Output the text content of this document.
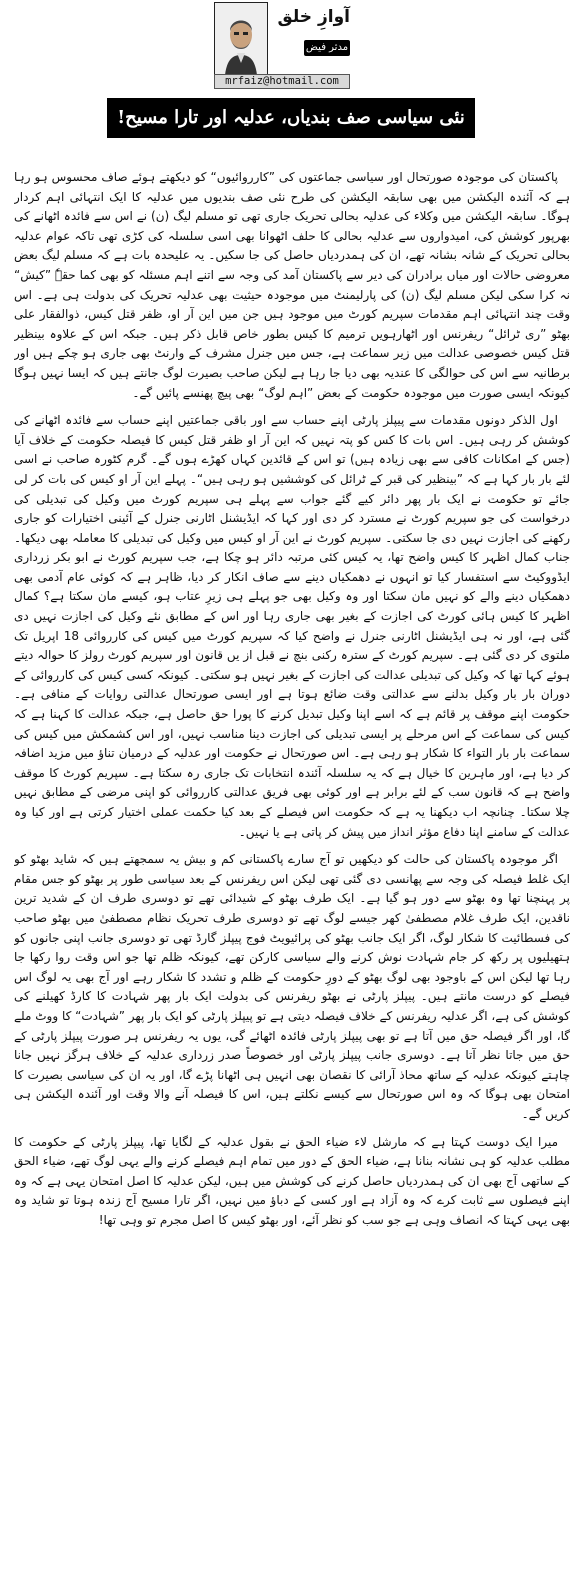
آوازِ خلق
مدثر فیض
mrfaiz@hotmail.com
نئی سیاسی صف بندیاں، عدلیہ اور تارا مسیح!

پاکستان کی موجودہ صورتحال اور سیاسی جماعتوں کی ”کارروائیوں“ کو دیکھتے ہوئے صاف محسوس ہو رہا ہے کہ آئندہ الیکشن میں بھی سابقہ الیکشن کی طرح نئی صف بندیوں میں عدلیہ کا ایک انتہائی اہم کردار ہوگا۔ سابقہ الیکشن میں وکلاء کی عدلیہ بحالی تحریک جاری تھی تو مسلم لیگ (ن) نے اس سے فائدہ اٹھانے کی بھرپور کوشش کی، امیدواروں سے عدلیہ بحالی کا حلف اٹھوانا بھی اسی سلسلہ کی کڑی تھی تاکہ عوام عدلیہ بحالی تحریک کے شانہ بشانہ تھے، ان کی ہمدردیاں حاصل کی جا سکیں۔ یہ علیحدہ بات ہے کہ مسلم لیگ بعض معروضی حالات اور میاں برادران کی دیر سے پاکستان آمد کی وجہ سے اتنے اہم مسئلہ کو بھی کما حقہٗ ”کیش“ نہ کرا سکی لیکن مسلم لیگ (ن) کی پارلیمنٹ میں موجودہ حیثیت بھی عدلیہ تحریک کی بدولت ہی ہے۔ اس وقت چند انتہائی اہم مقدمات سپریم کورٹ میں موجود ہیں جن میں این آر او، ظفر قتل کیس، ذوالفقار علی بھٹو ”ری ٹرائل“ ریفرنس اور اٹھارہویں ترمیم کا کیس بطور خاص قابل ذکر ہیں۔ جبکہ اس کے علاوہ بینظیر قتل کیس خصوصی عدالت میں زیر سماعت ہے، جس میں جنرل مشرف کے وارنٹ بھی جاری ہو چکے ہیں اور برطانیہ سے اس کی حوالگی کا عندیہ بھی دیا جا رہا ہے لیکن صاحب بصیرت لوگ جانتے ہیں کہ ایسا نہیں ہوگا کیونکہ ایسی صورت میں موجودہ حکومت کے بعض ”اہم لوگ“ بھی پیچ پھنسے پائیں گے۔

اول الذکر دونوں مقدمات سے پیپلز پارٹی اپنے حساب سے اور باقی جماعتیں اپنے حساب سے فائدہ اٹھانے کی کوشش کر رہی ہیں۔ اس بات کا کس کو پتہ نہیں کہ این آر او ظفر قتل کیس کا فیصلہ حکومت کے خلاف آیا (جس کے امکانات کافی سے بھی زیادہ ہیں) تو اس کے قائدین کہاں کھڑے ہوں گے۔ گرم کٹورہ صاحب نے اسی لئے بار بار کہا ہے کہ ”بینظیر کی قبر کے ٹرائل کی کوششیں ہو رہی ہیں“۔ پہلے این آر او کیس کی بات کر لی جائے تو حکومت نے ایک بار پھر دائر کیے گئے جواب سے پہلے ہی سپریم کورٹ میں وکیل کی تبدیلی کی درخواست کی جو سپریم کورٹ نے مسترد کر دی اور کہا کہ ایڈیشنل اٹارنی جنرل کے آئینی اختیارات کو جاری رکھنے کی اجازت نہیں دی جا سکتی۔ سپریم کورٹ نے این آر او کیس میں وکیل کی تبدیلی کا معاملہ بھی دیکھا۔ جناب کمال اظہر کا کیس واضح تھا، یہ کیس کئی مرتبہ دائر ہو چکا ہے، جب سپریم کورٹ نے ابو بکر زرداری ایڈووکیٹ سے استفسار کیا تو انہوں نے دھمکیاں دینے سے صاف انکار کر دیا، ظاہر ہے کہ کوئی عام آدمی بھی دھمکیاں دینے والے کو نہیں مان سکتا اور وہ وکیل بھی جو پہلے ہی زیرِ عتاب ہو، کیسے مان سکتا ہے؟ کمال اظہر کا کیس ہائی کورٹ کی اجازت کے بغیر بھی جاری رہا اور اس کے مطابق نئے وکیل کی اجازت نہیں دی گئی ہے، اور نہ ہی ایڈیشنل اٹارنی جنرل نے واضح کیا کہ سپریم کورٹ میں کیس کی کارروائی 18 اپریل تک ملتوی کر دی گئی ہے۔ سپریم کورٹ کے سترہ رکنی بنچ نے قبل از یں قانون اور سپریم کورٹ رولز کا حوالہ دیتے ہوئے کہا تھا کہ وکیل کی تبدیلی عدالت کی اجازت کے بغیر نہیں ہو سکتی۔ کیونکہ کسی کیس کی کارروائی کے دوران بار بار وکیل بدلنے سے عدالتی وقت ضائع ہوتا ہے اور ایسی صورتحال عدالتی روایات کے منافی ہے۔ حکومت اپنے موقف پر قائم ہے کہ اسے اپنا وکیل تبدیل کرنے کا پورا حق حاصل ہے، جبکہ عدالت کا کہنا ہے کہ کیس کی سماعت کے اس مرحلے پر ایسی تبدیلی کی اجازت دینا مناسب نہیں، اور اس کشمکش میں کیس کی سماعت بار بار التواء کا شکار ہو رہی ہے۔ اس صورتحال نے حکومت اور عدلیہ کے درمیان تناؤ میں مزید اضافہ کر دیا ہے، اور ماہرین کا خیال ہے کہ یہ سلسلہ آئندہ انتخابات تک جاری رہ سکتا ہے۔ سپریم کورٹ کا موقف واضح ہے کہ قانون سب کے لئے برابر ہے اور کوئی بھی فریق عدالتی کارروائی کو اپنی مرضی کے مطابق نہیں چلا سکتا۔ چنانچہ اب دیکھنا یہ ہے کہ حکومت اس فیصلے کے بعد کیا حکمت عملی اختیار کرتی ہے اور کیا وہ عدالت کے سامنے اپنا دفاع مؤثر انداز میں پیش کر پاتی ہے یا نہیں۔

اگر موجودہ پاکستان کی حالت کو دیکھیں تو آج سارے پاکستانی کم و بیش یہ سمجھتے ہیں کہ شاید بھٹو کو ایک غلط فیصلہ کی وجہ سے پھانسی دی گئی تھی لیکن اس ریفرنس کے بعد سیاسی طور پر بھٹو کو جس مقام پر پہنچنا تھا وہ بھٹو سے دور ہو گیا ہے۔ ایک طرف بھٹو کے شیدائی تھے تو دوسری طرف ان کے شدید ترین ناقدین، ایک طرف غلام مصطفیٰ کھر جیسے لوگ تھے تو دوسری طرف تحریک نظام مصطفیٰ میں بھٹو صاحب کی فسطائیت کا شکار لوگ، اگر ایک جانب بھٹو کی پرائیویٹ فوج پیپلز گارڈ تھی تو دوسری جانب اپنی جانوں کو ہتھیلیوں پر رکھ کر جام شہادت نوش کرنے والے سیاسی کارکن تھے، کیونکہ ظلم تھا جو اس وقت روا رکھا جا رہا تھا لیکن اس کے باوجود بھی لوگ بھٹو کے دورِ حکومت کے ظلم و تشدد کا شکار رہے اور آج بھی یہ لوگ اس فیصلے کو درست مانتے ہیں۔ پیپلز پارٹی نے بھٹو ریفرنس کی بدولت ایک بار پھر شہادت کا کارڈ کھیلنے کی کوشش کی ہے، اگر عدلیہ ریفرنس کے خلاف فیصلہ دیتی ہے تو پیپلز پارٹی کو ایک بار پھر ”شہادت“ کا ووٹ ملے گا، اور اگر فیصلہ حق میں آتا ہے تو بھی پیپلز پارٹی فائدہ اٹھائے گی، یوں یہ ریفرنس ہر صورت پیپلز پارٹی کے حق میں جاتا نظر آتا ہے۔ دوسری جانب پیپلز پارٹی اور خصوصاً صدر زرداری عدلیہ کے خلاف ہرگز نہیں جانا چاہتے کیونکہ عدلیہ کے ساتھ محاذ آرائی کا نقصان بھی انہیں ہی اٹھانا پڑے گا، اور یہ ان کی سیاسی بصیرت کا امتحان بھی ہوگا کہ وہ اس صورتحال سے کیسے نکلتے ہیں، اس کا فیصلہ آنے والا وقت اور آئندہ الیکشن ہی کریں گے۔

میرا ایک دوست کہتا ہے کہ مارشل لاء ضیاء الحق نے بقول عدلیہ کے لگایا تھا، پیپلز پارٹی کے حکومت کا مطلب عدلیہ کو ہی نشانہ بنانا ہے، ضیاء الحق کے دور میں تمام اہم فیصلے کرنے والے یہی لوگ تھے، ضیاء الحق کے ساتھی آج بھی ان کی ہمدردیاں حاصل کرنے کی کوشش میں ہیں، لیکن عدلیہ کا اصل امتحان یہی ہے کہ وہ اپنے فیصلوں سے ثابت کرے کہ وہ آزاد ہے اور کسی کے دباؤ میں نہیں، اگر تارا مسیح آج زندہ ہوتا تو شاید وہ بھی یہی کہتا کہ انصاف وہی ہے جو سب کو نظر آئے، اور بھٹو کیس کا اصل مجرم تو وہی تھا!
